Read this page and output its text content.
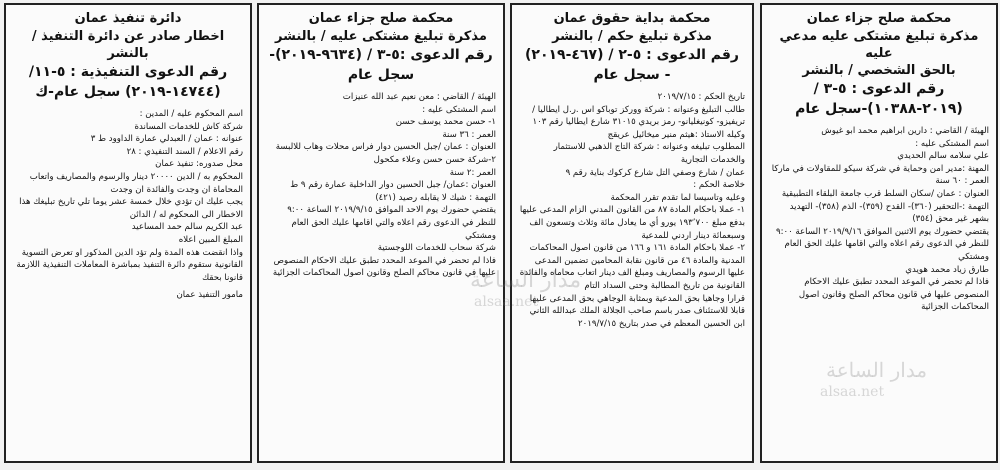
محكمة صلح جزاء عمان
مذكرة تبليغ مشتكى عليه مدعي عليه
بالحق الشخصي / بالنشر
رقم الدعوى : ٥-٣ /
(٢٠١٩-١٠٣٨٨)-سجل عام

الهيئة / القاضي : دارين ابراهيم محمد ابو غيوش

اسم المشتكى عليه :

علي سلامه سالم الحديدي

المهنة :مدير امن وحماية في شركة سيكو للمقاولات في ماركا

العمر : ٦٠ سنة

العنوان : عمان /سكان السلط قرب جامعة البلقاء التطبيقية

التهمة :-التحقير (٣٦٠)- القدح (٣٥٩)- الذم (٣٥٨)- التهديد بشهر غير محق (٣٥٤)

يقتضي حضورك يوم الاثنين الموافق ٢٠١٩/٩/١٦ الساعة ٩:٠٠

للنظر في الدعوى رقم اعلاه والتي اقامها عليك الحق العام ومشتكي

طارق زياد محمد هويدي

فاذا لم تحضر في الموعد المحدد تطبق عليك الاحكام المنصوص عليها في قانون محاكم الصلح وقانون اصول المحاكمات الجزائية

محكمة بداية حقوق عمان
مذكرة تبليغ حكم / بالنشر
رقم الدعوى : ٥-٢ / (٤٦٧-٢٠١٩)
- سجل عام

تاريخ الحكم : ٢٠١٩/٧/١٥

طالب التبليغ وعنوانه : شركة ووركز توباكو اس .ر.ل ايطاليا /تريفيزو- كونيغليانو- رمز بريدي ٣١٠١٥ شارع ايطاليا رقم ١٠٣

وكيله الاستاذ :هيثم منير ميخائيل عريقج

المطلوب تبليغه وعنوانه : شركة التاج الذهبي للاستثمار والخدمات التجارية

عمان / شارع وصفي التل شارع كركوك بناية رقم ٩

خلاصة الحكم :

وعليه وتاسيسا لما تقدم تقرر المحكمة

١- عملا باحكام المادة ٨٧ من القانون المدني الزام المدعى عليها بدفع مبلغ ١٩٣٬٧٠٠ يورو أي ما يعادل مائة وثلاث وتسعون الف وسبعمائة دينار اردني للمدعية

٢- عملا باحكام المادة ١٦١ و ١٦٦ من قانون اصول المحاكمات المدنية والمادة ٤٦ من قانون نقابة المحامين تضمين المدعى عليها الرسوم والمصاريف ومبلغ الف دينار اتعاب محاماه والفائدة القانونية من تاريخ المطالبة وحتى السداد التام

قرارا وجاهيا بحق المدعية وبمثابة الوجاهي بحق المدعى عليها قابلا للاستئناف صدر باسم صاحب الجلالة الملك عبدالله الثاني ابن الحسين المعظم في صدر بتاريخ ٢٠١٩/٧/١٥

محكمة صلح جزاء عمان
مذكرة تبليغ مشتكى عليه / بالنشر
رقم الدعوى :٥-٣ / (٩٦٣٤-٢٠١٩)-
سجل عام

الهيئة / القاضي : معن نعيم عبد الله عنيزات

اسم المشتكى عليه :

١- حسن محمد يوسف حسن

العمر : ٣٦ سنة

العنوان : عمان /جبل الحسين دوار فراس محلات وهاب للالبسة

٢-شركة حسن حسن وعلاء مكحول

العمر :٢ سنة

العنوان :عمان/ جبل الحسين دوار الداخلية عمارة رقم ٩ ط

التهمة : شيك لا يقابله رصيد (٤٢١)

يقتضي حضورك يوم الاحد الموافق ٢٠١٩/٩/١٥ الساعة ٩:٠٠

للنظر في الدعوى رقم اعلاه والتي اقامها عليك الحق العام ومشتكي

شركة سحاب للخدمات اللوجستية

فاذا لم تحضر في الموعد المحدد تطبق عليك الاحكام المنصوص عليها في قانون محاكم الصلح وقانون اصول المحاكمات الجزائية

دائرة تنفيذ عمان
اخطار صادر عن دائرة التنفيذ / بالنشر
رقم الدعوى التنفيذية : ٥-١١/
(١٤٧٤٤-٢٠١٩) سجل عام-ك

اسم المحكوم عليه / المدين :

شركة كاش للخدمات المساندة

عنوانه : عمان / العبدلي عمارة الداوود ط ٣

رقم الاعلام / السند التنفيذي : ٢٨

محل صدوره: تنفيذ عمان

المحكوم به / الدين ٢٠٠٠٠ دينار والرسوم والمصاريف واتعاب المحاماة ان وجدت والفائدة ان وجدت

يجب عليك ان تؤدي خلال خمسة عشر يوما تلي تاريخ تبليغك هذا الاخطار الى المحكوم له / الدائن

عبد الكريم سالم حمد المساعيد

المبلغ المبين اعلاه

واذا انقضت هذه المدة ولم تؤد الدين المذكور او تعرض التسوية القانونية ستقوم دائرة التنفيذ بمباشرة المعاملات التنفيذية اللازمة قانونا بحقك

مامور التنفيذ عمان
مدار الساعة
alsaa.net
مدار الساعة
alsaa.net
